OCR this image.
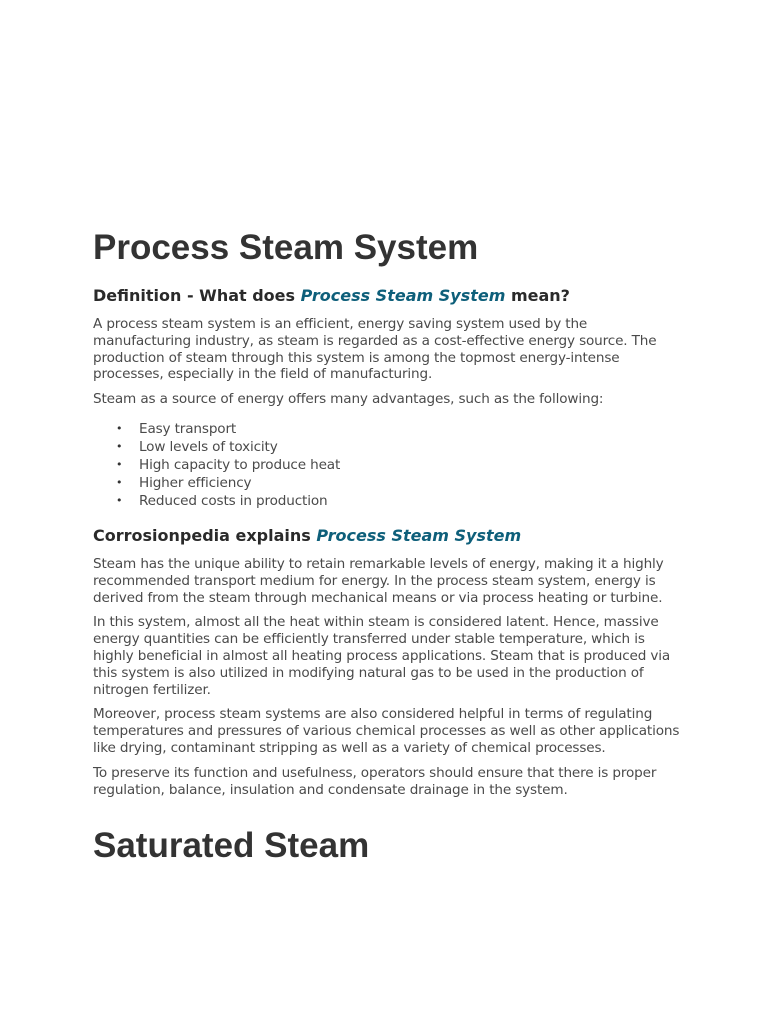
Process Steam System
Definition - What does Process Steam System mean?

A process steam system is an efficient, energy saving system used by the manufacturing industry, as steam is regarded as a cost-effective energy source. The production of steam through this system is among the topmost energy-intense processes, especially in the field of manufacturing.

Steam as a source of energy offers many advantages, such as the following:

• Easy transport
• Low levels of toxicity
• High capacity to produce heat
• Higher efficiency
• Reduced costs in production
Corrosionpedia explains Process Steam System

Steam has the unique ability to retain remarkable levels of energy, making it a highly recommended transport medium for energy. In the process steam system, energy is derived from the steam through mechanical means or via process heating or turbine.

In this system, almost all the heat within steam is considered latent. Hence, massive energy quantities can be efficiently transferred under stable temperature, which is highly beneficial in almost all heating process applications. Steam that is produced via this system is also utilized in modifying natural gas to be used in the production of nitrogen fertilizer.

Moreover, process steam systems are also considered helpful in terms of regulating temperatures and pressures of various chemical processes as well as other applications like drying, contaminant stripping as well as a variety of chemical processes.

To preserve its function and usefulness, operators should ensure that there is proper regulation, balance, insulation and condensate drainage in the system.

Saturated Steam
